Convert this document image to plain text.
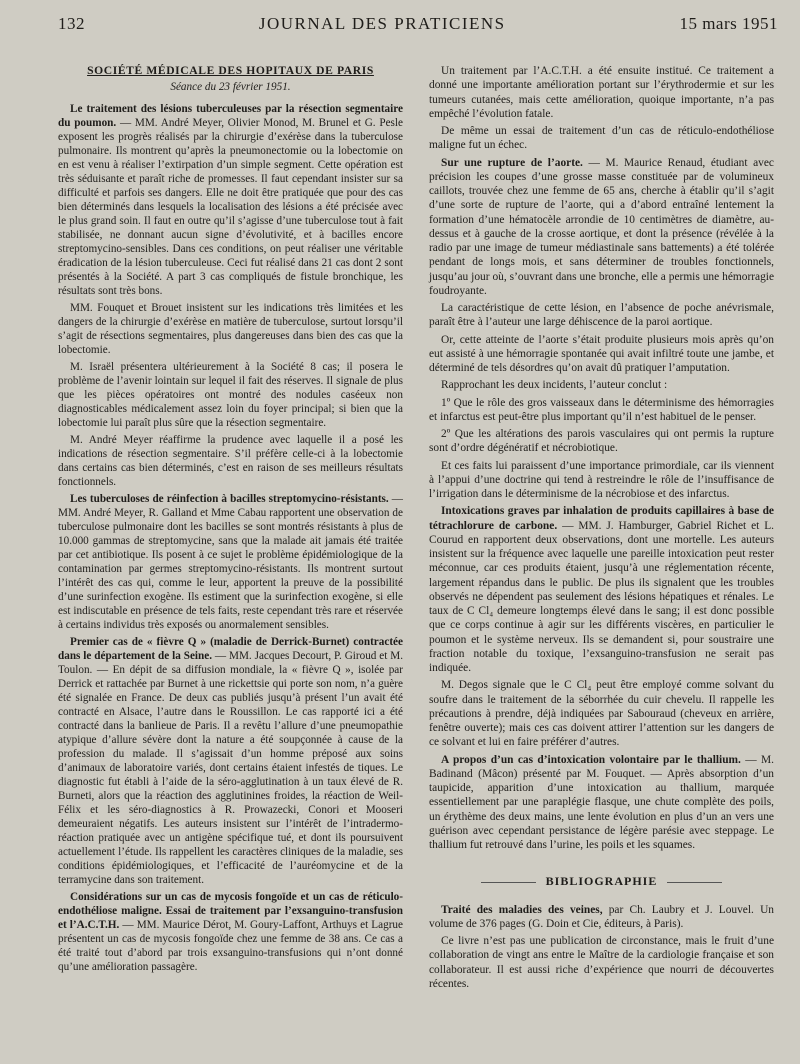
132	JOURNAL DES PRATICIENS	15 mars 1951
SOCIÉTÉ MÉDICALE DES HOPITAUX DE PARIS
Séance du 23 février 1951.

Le traitement des lésions tuberculeuses par la résection segmentaire du poumon. — MM. André Meyer, Olivier Monod, M. Brunel et G. Pesle exposent les progrès réalisés par la chirurgie d’exérèse dans la tuberculose pulmonaire. Ils montrent qu’après la pneumonectomie ou la lobectomie on en est venu à réaliser l’extirpation d’un simple segment. Cette opération est très séduisante et paraît riche de promesses. Il faut cependant insister sur sa difficulté et parfois ses dangers. Elle ne doit être pratiquée que pour des cas bien déterminés dans lesquels la localisation des lésions a été précisée avec le plus grand soin. Il faut en outre qu’il s’agisse d’une tuberculose tout à fait stabilisée, ne donnant aucun signe d’évolutivité, et à bacilles encore streptomycino-sensibles. Dans ces conditions, on peut réaliser une véritable éradication de la lésion tuberculeuse. Ceci fut réalisé dans 21 cas dont 2 sont présentés à la Société. A part 3 cas compliqués de fistule bronchique, les résultats sont très bons.

MM. Fouquet et Brouet insistent sur les indications très limitées et les dangers de la chirurgie d’exérèse en matière de tuberculose, surtout lorsqu’il s’agit de résections segmentaires, plus dangereuses dans bien des cas que la lobectomie.

M. Israël présentera ultérieurement à la Société 8 cas; il posera le problème de l’avenir lointain sur lequel il fait des réserves. Il signale de plus que les pièces opératoires ont montré des nodules caséeux non diagnosticables médicalement assez loin du foyer principal; si bien que la lobectomie lui paraît plus sûre que la résection segmentaire.

M. André Meyer réaffirme la prudence avec laquelle il a posé les indications de résection segmentaire. S’il préfère celle-ci à la lobectomie dans certains cas bien déterminés, c’est en raison de ses meilleurs résultats fonctionnels.

Les tuberculoses de réinfection à bacilles streptomycino-résistants. — MM. André Meyer, R. Galland et Mme Cabau rapportent une observation de tuberculose pulmonaire dont les bacilles se sont montrés résistants à plus de 10.000 gammas de streptomycine, sans que la malade ait jamais été traitée par cet antibiotique. Ils posent à ce sujet le problème épidémiologique de la contamination par germes streptomycino-résistants. Ils montrent surtout l’intérêt des cas qui, comme le leur, apportent la preuve de la possibilité d’une surinfection exogène. Ils estiment que la surinfection exogène, si elle est indiscutable en présence de tels faits, reste cependant très rare et réservée à certains individus très exposés ou anormalement sensibles.

Premier cas de « fièvre Q » (maladie de Derrick-Burnet) contractée dans le département de la Seine. — MM. Jacques Decourt, P. Giroud et M. Toulon. — En dépit de sa diffusion mondiale, la « fièvre Q », isolée par Derrick et rattachée par Burnet à une rickettsie qui porte son nom, n’a guère été signalée en France. De deux cas publiés jusqu’à présent l’un avait été contracté en Alsace, l’autre dans le Roussillon. Le cas rapporté ici a été contracté dans la banlieue de Paris. Il a revêtu l’allure d’une pneumopathie atypique d’allure sévère dont la nature a été soupçonnée à cause de la profession du malade. Il s’agissait d’un homme préposé aux soins d’animaux de laboratoire variés, dont certains étaient infestés de tiques. Le diagnostic fut établi à l’aide de la séro-agglutination à un taux élevé de R. Burneti, alors que la réaction des agglutinines froides, la réaction de Weil-Félix et les séro-diagnostics à R. Prowazecki, Conori et Mooseri demeuraient négatifs. Les auteurs insistent sur l’intérêt de l’intradermo-réaction pratiquée avec un antigène spécifique tué, et dont ils poursuivent actuellement l’étude. Ils rappellent les caractères cliniques de la maladie, ses conditions épidémiologiques, et l’efficacité de l’auréomycine et de la terramycine dans son traitement.

Considérations sur un cas de mycosis fongoïde et un cas de réticulo-endothéliose maligne. Essai de traitement par l’exsanguino-transfusion et l’A.C.T.H. — MM. Maurice Dérot, M. Goury-Laffont, Arthuys et Lagrue présentent un cas de mycosis fongoïde chez une femme de 38 ans. Ce cas a été traité tout d’abord par trois exsanguino-transfusions qui n’ont donné qu’une amélioration passagère.

Un traitement par l’A.C.T.H. a été ensuite institué. Ce traitement a donné une importante amélioration portant sur l’érythrodermie et sur les tumeurs cutanées, mais cette amélioration, quoique importante, n’a pas empêché l’évolution fatale.

De même un essai de traitement d’un cas de réticulo-endothéliose maligne fut un échec.

Sur une rupture de l’aorte. — M. Maurice Renaud, étudiant avec précision les coupes d’une grosse masse constituée par de volumineux caillots, trouvée chez une femme de 65 ans, cherche à établir qu’il s’agit d’une sorte de rupture de l’aorte, qui a d’abord entraîné lentement la formation d’une hématocèle arrondie de 10 centimètres de diamètre, au-dessus et à gauche de la crosse aortique, et dont la présence (révélée à la radio par une image de tumeur médiastinale sans battements) a été tolérée pendant de longs mois, et sans déterminer de troubles fonctionnels, jusqu’au jour où, s’ouvrant dans une bronche, elle a permis une hémorragie foudroyante.

La caractéristique de cette lésion, en l’absence de poche anévrismale, paraît être à l’auteur une large déhiscence de la paroi aortique.

Or, cette atteinte de l’aorte s’était produite plusieurs mois après qu’on eut assisté à une hémorragie spontanée qui avait infiltré toute une jambe, et déterminé de tels désordres qu’on avait dû pratiquer l’amputation.

Rapprochant les deux incidents, l’auteur conclut :

1º Que le rôle des gros vaisseaux dans le déterminisme des hémorragies et infarctus est peut-être plus important qu’il n’est habituel de le penser.

2º Que les altérations des parois vasculaires qui ont permis la rupture sont d’ordre dégénératif et nécrobiotique.

Et ces faits lui paraissent d’une importance primordiale, car ils viennent à l’appui d’une doctrine qui tend à restreindre le rôle de l’insuffisance de l’irrigation dans le déterminisme de la nécrobiose et des infarctus.

Intoxications graves par inhalation de produits capillaires à base de tétrachlorure de carbone. — MM. J. Hamburger, Gabriel Richet et L. Courud en rapportent deux observations, dont une mortelle. Les auteurs insistent sur la fréquence avec laquelle une pareille intoxication peut rester méconnue, car ces produits étaient, jusqu’à une réglementation récente, largement répandus dans le public. De plus ils signalent que les troubles observés ne dépendent pas seulement des lésions hépatiques et rénales. Le taux de C Cl₄ demeure longtemps élevé dans le sang; il est donc possible que ce corps continue à agir sur les différents viscères, en particulier le poumon et le système nerveux. Ils se demandent si, pour soustraire une fraction notable du toxique, l’exsanguino-transfusion ne serait pas indiquée.

M. Degos signale que le C Cl₄ peut être employé comme solvant du soufre dans le traitement de la séborrhée du cuir chevelu. Il rappelle les précautions à prendre, déjà indiquées par Sabouraud (cheveux en arrière, fenêtre ouverte); mais ces cas doivent attirer l’attention sur les dangers de ce solvant et lui en faire préférer d’autres.

A propos d’un cas d’intoxication volontaire par le thallium. — M. Badinand (Mâcon) présenté par M. Fouquet. — Après absorption d’un taupicide, apparition d’une intoxication au thallium, marquée essentiellement par une paraplégie flasque, une chute complète des poils, un érythème des deux mains, une lente évolution en plus d’un an vers une guérison avec cependant persistance de légère parésie avec steppage. Le thallium fut retrouvé dans l’urine, les poils et les squames.

BIBLIOGRAPHIE

Traité des maladies des veines, par Ch. Laubry et J. Louvel. Un volume de 376 pages (G. Doin et Cie, éditeurs, à Paris).

Ce livre n’est pas une publication de circonstance, mais le fruit d’une collaboration de vingt ans entre le Maître de la cardiologie française et son collaborateur. Il est aussi riche d’expérience que nourri de découvertes récentes.
